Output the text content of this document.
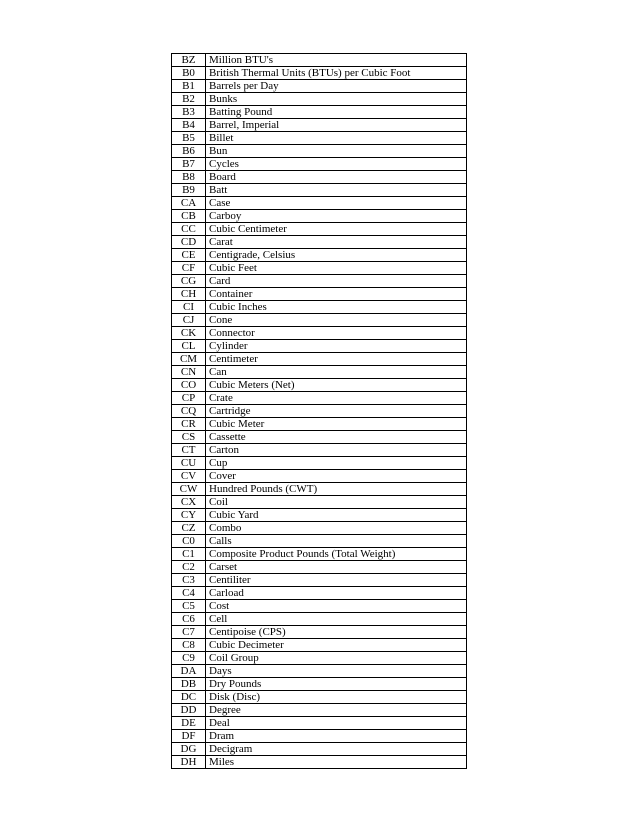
BZ	Million BTU's
B0	British Thermal Units (BTUs) per Cubic Foot
B1	Barrels per Day
B2	Bunks
B3	Batting Pound
B4	Barrel, Imperial
B5	Billet
B6	Bun
B7	Cycles
B8	Board
B9	Batt
CA	Case
CB	Carboy
CC	Cubic Centimeter
CD	Carat
CE	Centigrade, Celsius
CF	Cubic Feet
CG	Card
CH	Container
CI	Cubic Inches
CJ	Cone
CK	Connector
CL	Cylinder
CM	Centimeter
CN	Can
CO	Cubic Meters (Net)
CP	Crate
CQ	Cartridge
CR	Cubic Meter
CS	Cassette
CT	Carton
CU	Cup
CV	Cover
CW	Hundred Pounds (CWT)
CX	Coil
CY	Cubic Yard
CZ	Combo
C0	Calls
C1	Composite Product Pounds (Total Weight)
C2	Carset
C3	Centiliter
C4	Carload
C5	Cost
C6	Cell
C7	Centipoise (CPS)
C8	Cubic Decimeter
C9	Coil Group
DA	Days
DB	Dry Pounds
DC	Disk (Disc)
DD	Degree
DE	Deal
DF	Dram
DG	Decigram
DH	Miles
